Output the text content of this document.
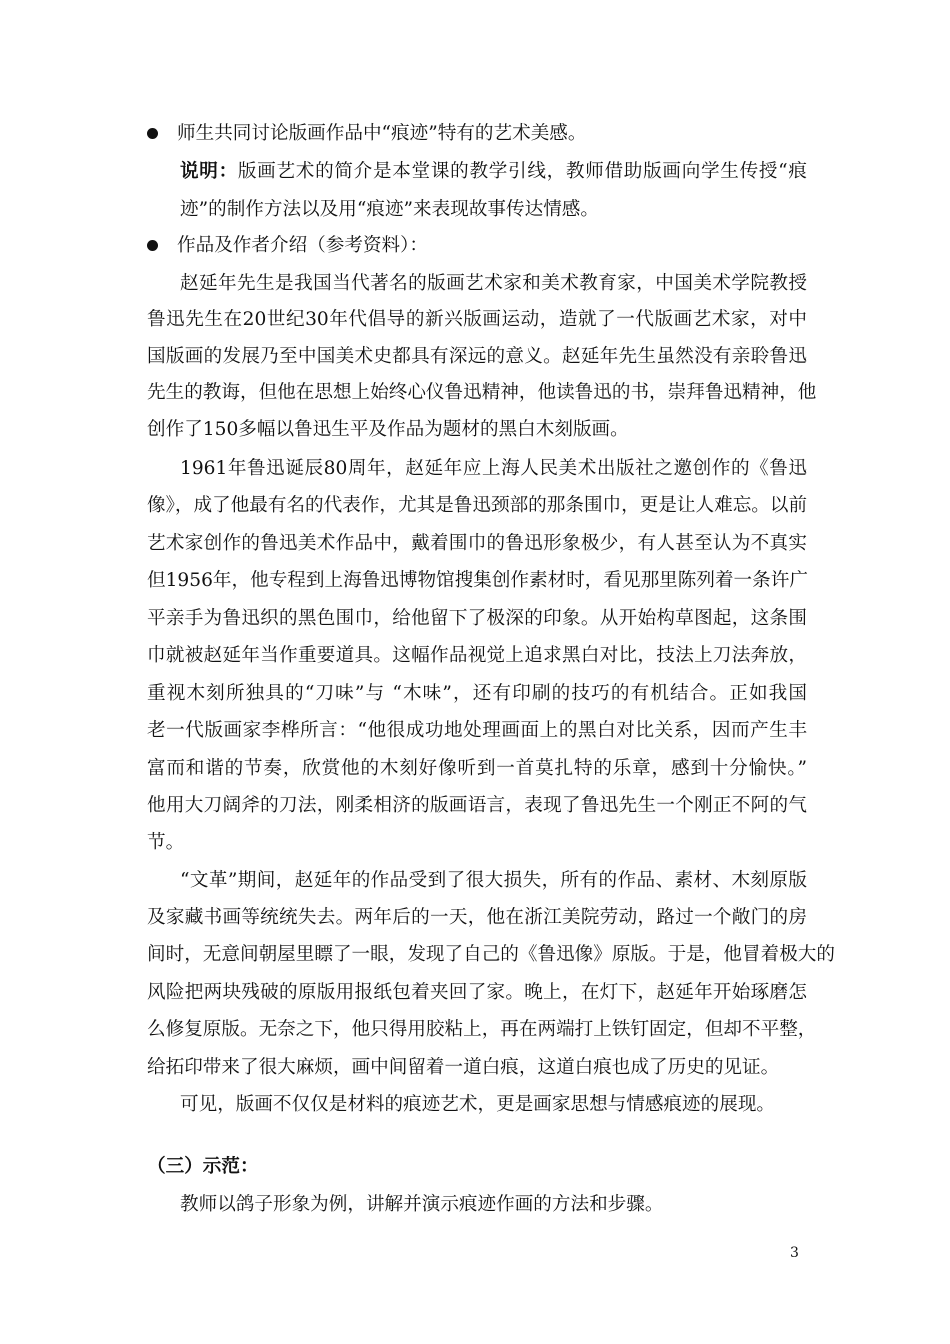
师生共同讨论版画作品中“痕迹”特有的艺术美感。
说明：版画艺术的简介是本堂课的教学引线，教师借助版画向学生传授“痕
迹”的制作方法以及用“痕迹”来表现故事传达情感。
作品及作者介绍（参考资料）：
赵延年先生是我国当代著名的版画艺术家和美术教育家，中国美术学院教授
鲁迅先生在20世纪30年代倡导的新兴版画运动，造就了一代版画艺术家，对中
国版画的发展乃至中国美术史都具有深远的意义。赵延年先生虽然没有亲聆鲁迅
先生的教诲，但他在思想上始终心仪鲁迅精神，他读鲁迅的书，崇拜鲁迅精神，他
创作了150多幅以鲁迅生平及作品为题材的黑白木刻版画。
1961年鲁迅诞辰80周年，赵延年应上海人民美术出版社之邀创作的《鲁迅
像》，成了他最有名的代表作，尤其是鲁迅颈部的那条围巾，更是让人难忘。以前
艺术家创作的鲁迅美术作品中，戴着围巾的鲁迅形象极少，有人甚至认为不真实
但1956年，他专程到上海鲁迅博物馆搜集创作素材时，看见那里陈列着一条许广
平亲手为鲁迅织的黑色围巾，给他留下了极深的印象。从开始构草图起，这条围
巾就被赵延年当作重要道具。这幅作品视觉上追求黑白对比，技法上刀法奔放，
重视木刻所独具的“刀味”与 “木味”，还有印刷的技巧的有机结合。正如我国
老一代版画家李桦所言：“他很成功地处理画面上的黑白对比关系，因而产生丰
富而和谐的节奏，欣赏他的木刻好像听到一首莫扎特的乐章，感到十分愉快。”
他用大刀阔斧的刀法，刚柔相济的版画语言，表现了鲁迅先生一个刚正不阿的气
节。
“文革”期间，赵延年的作品受到了很大损失，所有的作品、素材、木刻原版
及家藏书画等统统失去。两年后的一天，他在浙江美院劳动，路过一个敞门的房
间时，无意间朝屋里瞟了一眼，发现了自己的《鲁迅像》原版。于是，他冒着极大的
风险把两块残破的原版用报纸包着夹回了家。晚上，在灯下，赵延年开始琢磨怎
么修复原版。无奈之下，他只得用胶粘上，再在两端打上铁钉固定，但却不平整，
给拓印带来了很大麻烦，画中间留着一道白痕，这道白痕也成了历史的见证。
可见，版画不仅仅是材料的痕迹艺术，更是画家思想与情感痕迹的展现。
（三）示范：
教师以鸽子形象为例，讲解并演示痕迹作画的方法和步骤。
3
